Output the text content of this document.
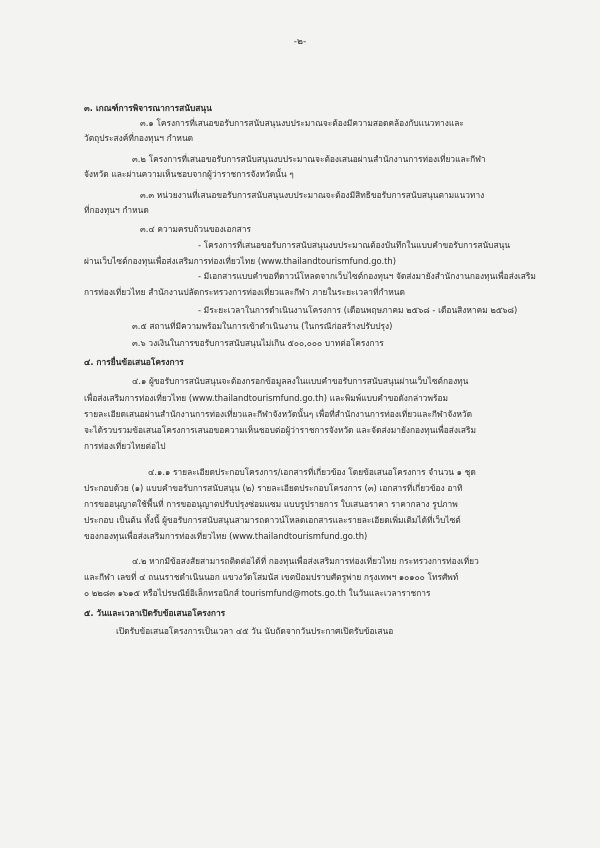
-๒-
๓. เกณฑ์การพิจารณาการสนับสนุน
๓.๑ โครงการที่เสนอขอรับการสนับสนุนงบประมาณจะต้องมีความสอดคล้องกับแนวทางและ
วัตถุประสงค์ที่กองทุนฯ กำหนด
๓.๒ โครงการที่เสนอขอรับการสนับสนุนงบประมาณจะต้องเสนอผ่านสำนักงานการท่องเที่ยวและกีฬา
จังหวัด และผ่านความเห็นชอบจากผู้ว่าราชการจังหวัดนั้น ๆ
๓.๓ หน่วยงานที่เสนอขอรับการสนับสนุนงบประมาณจะต้องมีสิทธิขอรับการสนับสนุนตามแนวทาง
ที่กองทุนฯ กำหนด
๓.๔ ความครบถ้วนของเอกสาร
- โครงการที่เสนอขอรับการสนับสนุนงบประมาณต้องบันทึกในแบบคำขอรับการสนับสนุน
ผ่านเว็บไซต์กองทุนเพื่อส่งเสริมการท่องเที่ยวไทย (www.thailandtourismfund.go.th)
- มีเอกสารแบบคำขอที่ดาวน์โหลดจากเว็บไซต์กองทุนฯ จัดส่งมายังสำนักงานกองทุนเพื่อส่งเสริม
การท่องเที่ยวไทย สำนักงานปลัดกระทรวงการท่องเที่ยวและกีฬา ภายในระยะเวลาที่กำหนด
- มีระยะเวลาในการดำเนินงานโครงการ (เดือนพฤษภาคม ๒๕๖๘ - เดือนสิงหาคม ๒๕๖๘)
๓.๕ สถานที่มีความพร้อมในการเข้าดำเนินงาน (ในกรณีก่อสร้างปรับปรุง)
๓.๖ วงเงินในการขอรับการสนับสนุนไม่เกิน ๕๐๐,๐๐๐ บาทต่อโครงการ
๔. การยื่นข้อเสนอโครงการ
๔.๑ ผู้ขอรับการสนับสนุนจะต้องกรอกข้อมูลลงในแบบคำขอรับการสนับสนุนผ่านเว็บไซต์กองทุน
เพื่อส่งเสริมการท่องเที่ยวไทย (www.thailandtourismfund.go.th) และพิมพ์แบบคำขอดังกล่าวพร้อม
รายละเอียดเสนอผ่านสำนักงานการท่องเที่ยวและกีฬาจังหวัดนั้นๆ เพื่อที่สำนักงานการท่องเที่ยวและกีฬาจังหวัด
จะได้รวบรวมข้อเสนอโครงการเสนอขอความเห็นชอบต่อผู้ว่าราชการจังหวัด และจัดส่งมายังกองทุนเพื่อส่งเสริม
การท่องเที่ยวไทยต่อไป
๔.๑.๑ รายละเอียดประกอบโครงการ/เอกสารที่เกี่ยวข้อง โดยข้อเสนอโครงการ จำนวน ๑ ชุด
ประกอบด้วย (๑) แบบคำขอรับการสนับสนุน (๒) รายละเอียดประกอบโครงการ (๓) เอกสารที่เกี่ยวข้อง อาทิ
การขออนุญาตใช้พื้นที่ การขออนุญาตปรับปรุงซ่อมแซม แบบรูปรายการ ใบเสนอราคา ราคากลาง รูปภาพ
ประกอบ เป็นต้น ทั้งนี้ ผู้ขอรับการสนับสนุนสามารถดาวน์โหลดเอกสารและรายละเอียดเพิ่มเติมได้ที่เว็บไซต์
ของกองทุนเพื่อส่งเสริมการท่องเที่ยวไทย (www.thailandtourismfund.go.th)
๔.๒ หากมีข้อสงสัยสามารถติดต่อได้ที่ กองทุนเพื่อส่งเสริมการท่องเที่ยวไทย กระทรวงการท่องเที่ยว
และกีฬา เลขที่ ๔ ถนนราชดำเนินนอก แขวงวัดโสมนัส เขตป้อมปราบศัตรูพ่าย กรุงเทพฯ ๑๐๑๐๐ โทรศัพท์
๐ ๒๒๘๓ ๑๖๑๕ หรือไปรษณีย์อิเล็กทรอนิกส์ tourismfund@mots.go.th ในวันและเวลาราชการ
๕. วันและเวลาเปิดรับข้อเสนอโครงการ
เปิดรับข้อเสนอโครงการเป็นเวลา ๔๕ วัน นับถัดจากวันประกาศเปิดรับข้อเสนอ
